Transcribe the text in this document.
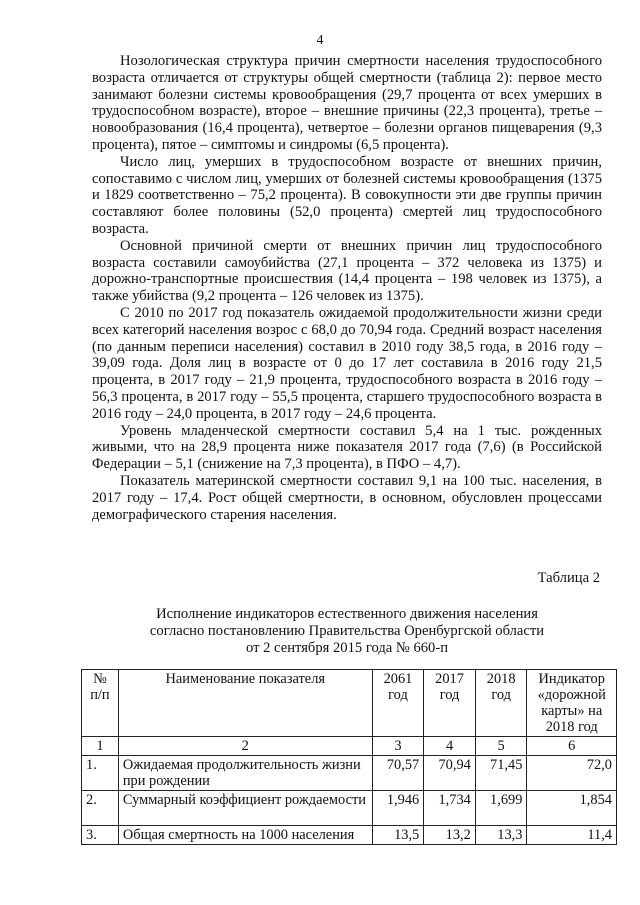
4

Нозологическая структура причин смертности населения трудоспособного возраста отличается от структуры общей смертности (таблица 2): первое место занимают болезни системы кровообращения (29,7 процента от всех умерших в трудоспособном возрасте), второе – внешние причины (22,3 процента), третье – новообразования (16,4 процента), четвертое – болезни органов пищеварения (9,3 процента), пятое – симптомы и синдромы (6,5 процента).

Число лиц, умерших в трудоспособном возрасте от внешних причин, сопоставимо с числом лиц, умерших от болезней системы кровообращения (1375 и 1829 соответственно – 75,2 процента). В совокупности эти две группы причин составляют более половины (52,0 процента) смертей лиц трудоспособного возраста.

Основной причиной смерти от внешних причин лиц трудоспособного возраста составили самоубийства (27,1 процента – 372 человека из 1375) и дорожно-транспортные происшествия (14,4 процента – 198 человек из 1375), а также убийства (9,2 процента – 126 человек из 1375).

С 2010 по 2017 год показатель ожидаемой продолжительности жизни среди всех категорий населения возрос с 68,0 до 70,94 года. Средний возраст населения (по данным переписи населения) составил в 2010 году 38,5 года, в 2016 году – 39,09 года. Доля лиц в возрасте от 0 до 17 лет составила в 2016 году 21,5 процента, в 2017 году – 21,9 процента, трудоспособного возраста в 2016 году – 56,3 процента, в 2017 году – 55,5 процента, старшего трудоспособного возраста в 2016 году – 24,0 процента, в 2017 году – 24,6 процента.

Уровень младенческой смертности составил 5,4 на 1 тыс. рожденных живыми, что на 28,9 процента ниже показателя 2017 года (7,6) (в Российской Федерации – 5,1 (снижение на 7,3 процента), в ПФО – 4,7).

Показатель материнской смертности составил 9,1 на 100 тыс. населения, в 2017 году – 17,4. Рост общей смертности, в основном, обусловлен процессами демографического старения населения.

Таблица 2
Исполнение индикаторов естественного движения населения
согласно постановлению Правительства Оренбургской области
от 2 сентября 2015 года № 660-п
№ п/п	Наименование показателя	2061 год	2017 год	2018 год	Индикатор «дорожной карты» на 2018 год
1	2	3	4	5	6
1.	Ожидаемая продолжительность жизни при рождении	70,57	70,94	71,45	72,0
2.	Суммарный коэффициент рождаемости	1,946	1,734	1,699	1,854
3.	Общая смертность на 1000 населения	13,5	13,2	13,3	11,4
